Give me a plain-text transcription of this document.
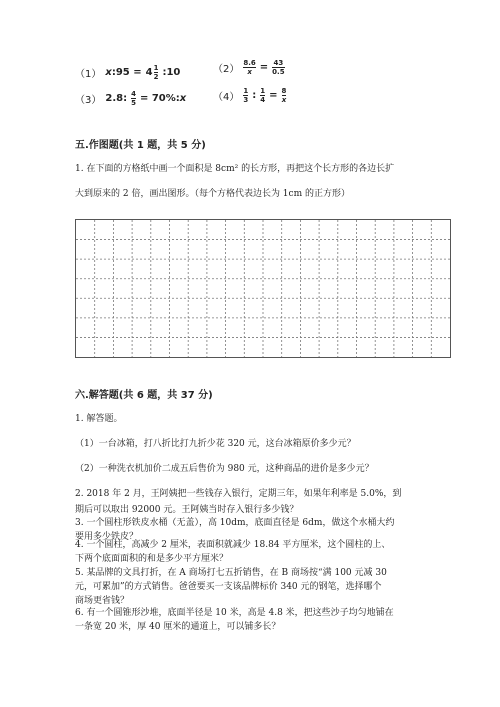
（1） x:95 = $4 \frac{1}{2}$ :10	$(2) \frac{8.6}{x} = \frac{43}{0.5}$
（3） 2.8: $\frac{4}{5}$ = 70%:x	$(4) \frac{1}{3}$ : $\frac{1}{4} = \frac{8}{x}$
五.作图题(共 1 题，共 5 分)
1. 在下面的方格纸中画一个面积是 8cm² 的长方形，再把这个长方形的各边长扩
大到原来的 2 倍，画出图形。（每个方格代表边长为 1cm 的正方形）
六.解答题(共 6 题，共 37 分)
1. 解答题。
（1）一台冰箱，打八折比打九折少花 320 元，这台冰箱原价多少元？
（2）一种洗衣机加价二成五后售价为 980 元，这种商品的进价是多少元？
2. 2018 年 2 月，王阿姨把一些钱存入银行，定期三年，如果年利率是 5.0%，到
期后可以取出 92000 元。王阿姨当时存入银行多少钱？
3. 一个圆柱形铁皮水桶（无盖），高 10dm，底面直径是 6dm，做这个水桶大约
要用多少铁皮？
4. 一个圆柱，高减少 2 厘米，表面积就减少 18.84 平方厘米，这个圆柱的上、
下两个底面面积的和是多少平方厘米？
5. 某品牌的文具打折，在 A 商场打七五折销售，在 B 商场按“满 100 元减 30
元，可累加”的方式销售。爸爸要买一支该品牌标价 340 元的钢笔，选择哪个
商场更省钱？
6. 有一个圆锥形沙堆，底面半径是 10 米，高是 4.8 米，把这些沙子均匀地铺在
一条宽 20 米，厚 40 厘米的通道上，可以铺多长？
